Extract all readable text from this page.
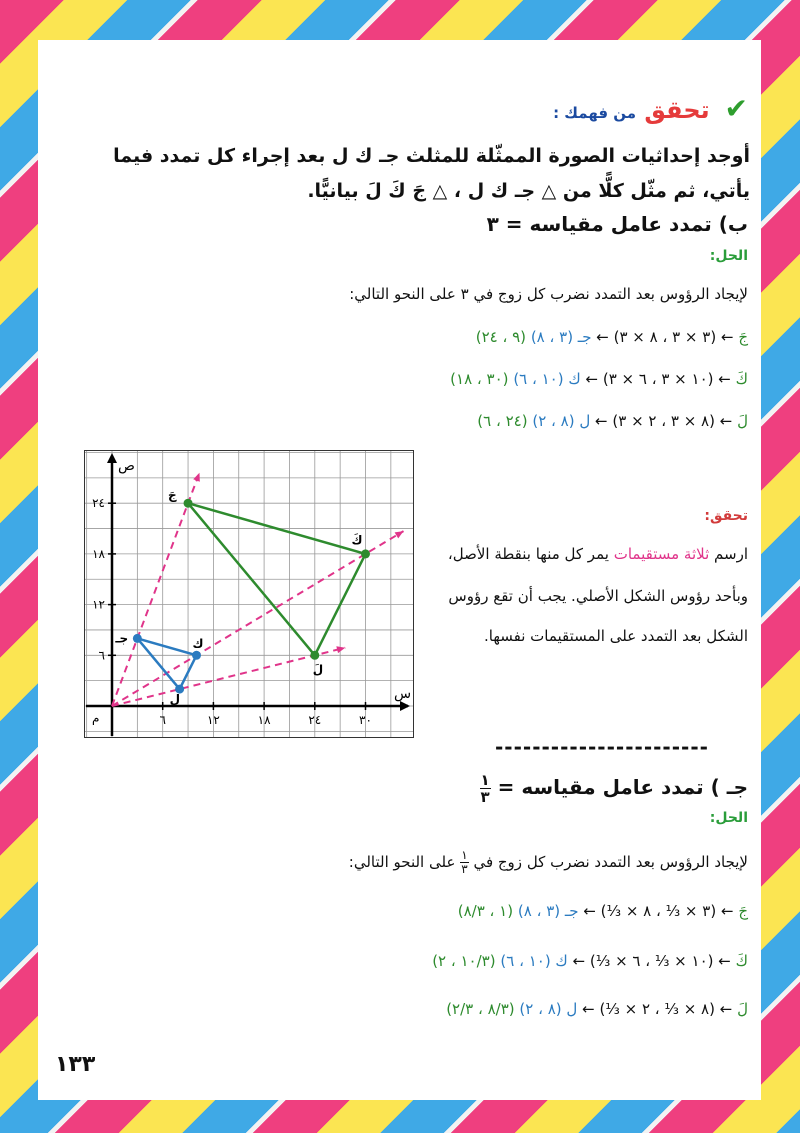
✔ تحقق من فهمك :
أوجد إحداثيات الصورة الممثّلة للمثلث جـ ك ل بعد إجراء كل تمدد فيما
يأتي، ثم مثّل كلًّا من △ جـ ك ل ، △ جَ كَ لَ بيانيًّا.
ب) تمدد عامل مقياسه = ٣
الحل:
لإيجاد الرؤوس بعد التمدد نضرب كل زوج في ٣ على النحو التالي:
(٩ ، ٢٤)	جَ ← (٣ × ٣ ، ٨ × ٣) ← جـ (٣ ، ٨)
(٣٠ ، ١٨)	كَ ← (١٠ × ٣ ، ٦ × ٣) ← ك (١٠ ، ٦)
(٢٤ ، ٦)	لَ ← (٨ × ٣ ، ٢ × ٣) ← ل (٨ ، ٢)
٦	١٢	١٨	٢٤	٣٠
٦
١٢
١٨
٢٤
س
ص
م
جـ	ك
ل
جَ
كَ
لَ
تحقق:
ارسم ثلاثة مستقيمات يمر كل منها بنقطة الأصل،
وبأحد رؤوس الشكل الأصلي. يجب أن تقع رؤوس
الشكل بعد التمدد على المستقيمات نفسها.
-----------------------
جـ ) تمدد عامل مقياسه =
$\frac{١}{٣}$
الحل:
لإيجاد الرؤوس بعد التمدد نضرب كل زوج في
$\frac{١}{٣}$
على النحو التالي:
(١ ، ٨/٣)	جَ ← (٣ × ⅓ ، ٨ × ⅓) ← جـ (٣ ، ٨)
(١٠/٣ ، ٢)	كَ ← (١٠ × ⅓ ، ٦ × ⅓) ← ك (١٠ ، ٦)
(٨/٣ ، ٢/٣)	لَ ← (٨ × ⅓ ، ٢ × ⅓) ← ل (٨ ، ٢)
١٣٣
